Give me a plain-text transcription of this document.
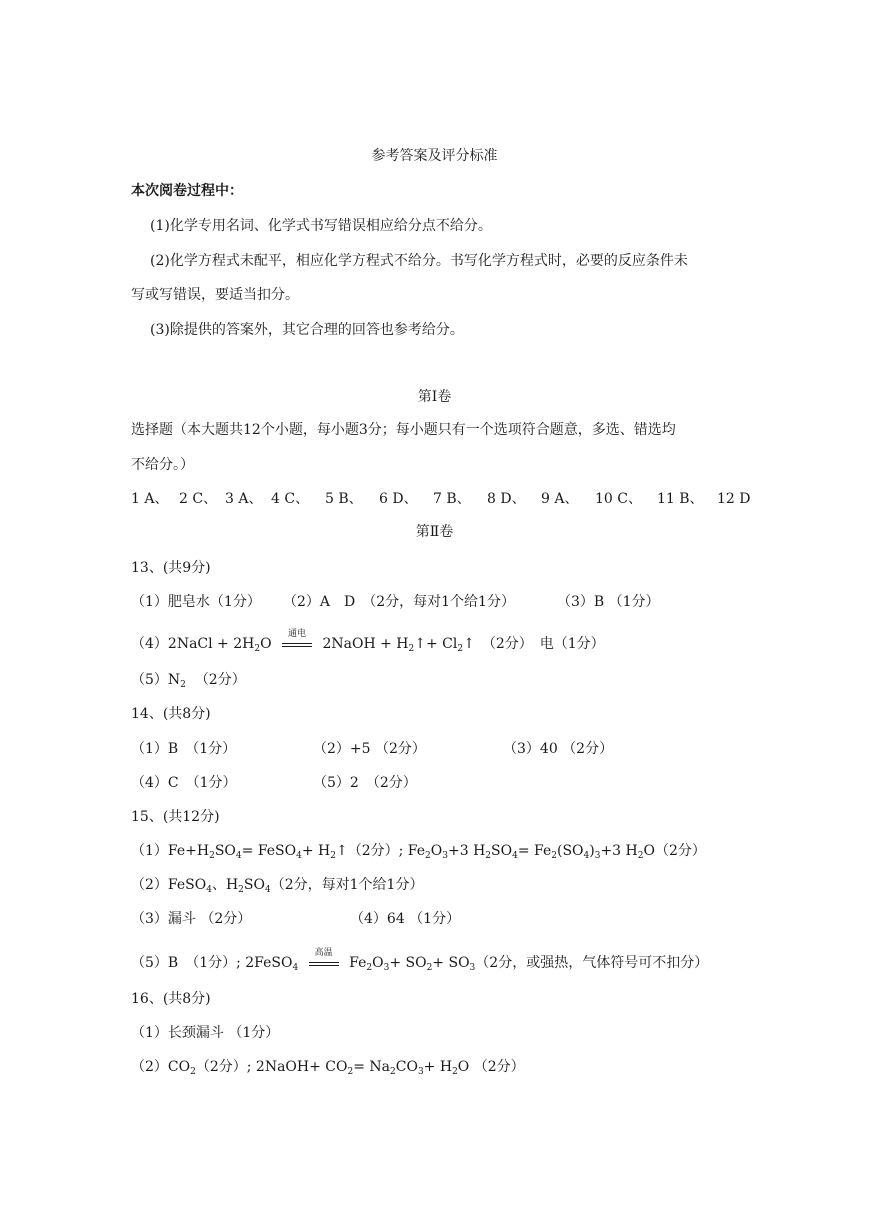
参考答案及评分标准
本次阅卷过程中：
(1)化学专用名词、化学式书写错误相应给分点不给分。
(2)化学方程式未配平，相应化学方程式不给分。书写化学方程式时，必要的反应条件未
写或写错误，要适当扣分。
(3)除提供的答案外，其它合理的回答也参考给分。
第Ⅰ卷
选择题（本大题共12个小题，每小题3分；每小题只有一个选项符合题意，多选、错选均
不给分。）
1 A、 2 C、 3 A、 4 C、 5 B、 6 D、 7 B、 8 D、 9 A、 10 C、 11 B、 12 D
第Ⅱ卷
13、(共9分)
（1）肥皂水（1分） （2）A　D　（2分，每对1个给1分）	（3）B （1分）
（4）2NaCl + $2H_2O$
通电
2NaOH + $H_2↑+$ $Cl_2↑$　（2分）　电（1分）
$(5)N_2$ （2分）
14、(共8分)
（1）B　（1分）	（2）+5 （2分）	（3）40 （2分）
（4）C　（1分）	（5）2　（2分）
15、(共12分)
$(1)Fe+H_2SO_4=$ FeSO$_4$+ $H_2↑(2$分）; $Fe_2O_3+3$ $H_2SO_4= Fe_2(SO_4)_3+3$ $H_2O(2$分）
（2）FeSO$_4$、$H_2SO_4(2$分，每对1个给1分）
（3）漏斗 （2分）	（4）64 （1分）
（5）B　（1分）; 2FeSO$_4$
高温
$Fe_2O_3+ SO_2+ SO_3(2$分，或强热，气体符号可不扣分）
16、(共8分)
（1）长颈漏斗 （1分）
$(2)CO_2(2$分）; 2NaOH+ $CO_2= Na_2CO_3+ H_2O$ （2分）
